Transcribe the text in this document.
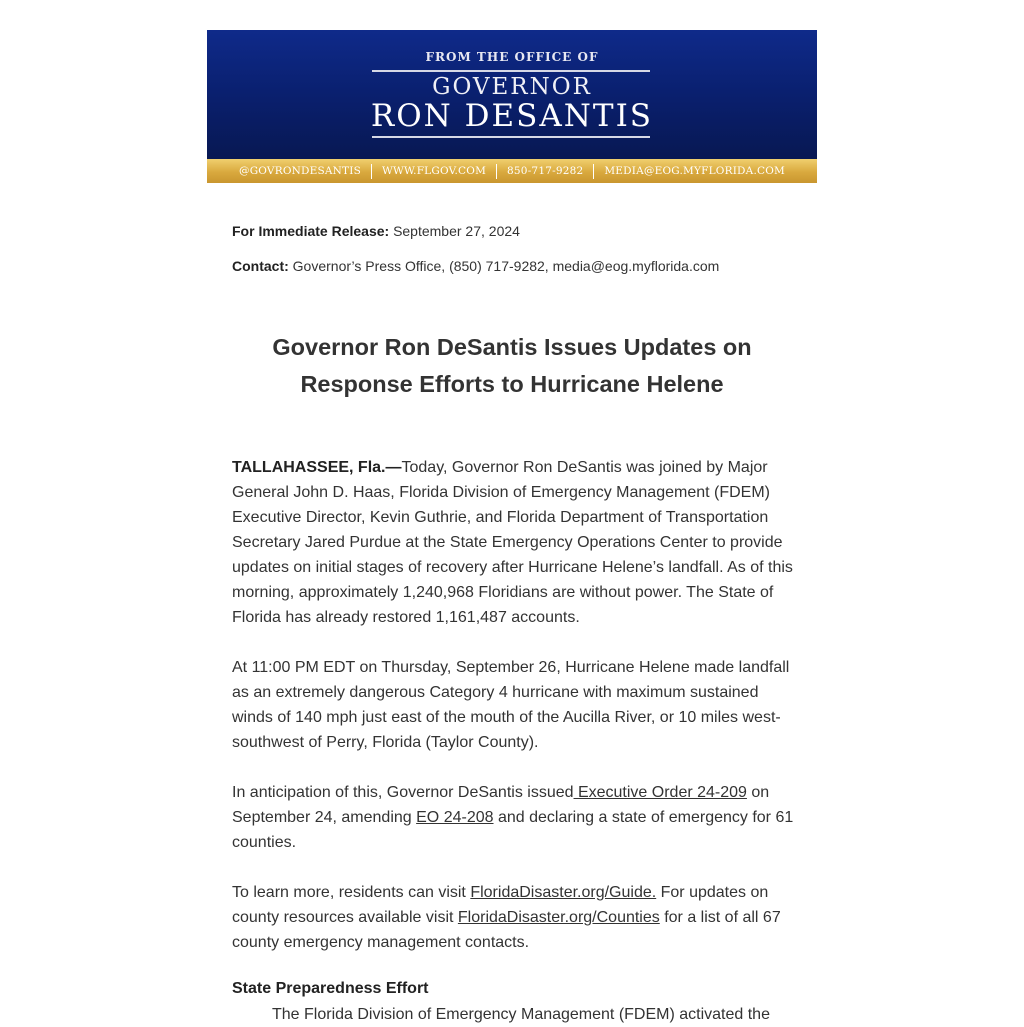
FROM THE OFFICE OF
GOVERNOR
RON DESANTIS
@GOVRONDESANTIS WWW.FLGOV.COM 850-717-9282 MEDIA@EOG.MYFLORIDA.COM
For Immediate Release: September 27, 2024
Contact: Governor’s Press Office, (850) 717-9282, media@eog.myflorida.com
Governor Ron DeSantis Issues Updates on Response Efforts to Hurricane Helene
TALLAHASSEE, Fla.—Today, Governor Ron DeSantis was joined by Major General John D. Haas, Florida Division of Emergency Management (FDEM) Executive Director, Kevin Guthrie, and Florida Department of Transportation Secretary Jared Purdue at the State Emergency Operations Center to provide updates on initial stages of recovery after Hurricane Helene’s landfall. As of this morning, approximately 1,240,968 Floridians are without power. The State of Florida has already restored 1,161,487 accounts.
At 11:00 PM EDT on Thursday, September 26, Hurricane Helene made landfall as an extremely dangerous Category 4 hurricane with maximum sustained winds of 140 mph just east of the mouth of the Aucilla River, or 10 miles west-southwest of Perry, Florida (Taylor County).
In anticipation of this, Governor DeSantis issued Executive Order 24-209 on September 24, amending EO 24-208 and declaring a state of emergency for 61 counties.
To learn more, residents can visit FloridaDisaster.org/Guide. For updates on county resources available visit FloridaDisaster.org/Counties for a list of all 67 county emergency management contacts.
State Preparedness Effort
The Florida Division of Emergency Management (FDEM) activated the
